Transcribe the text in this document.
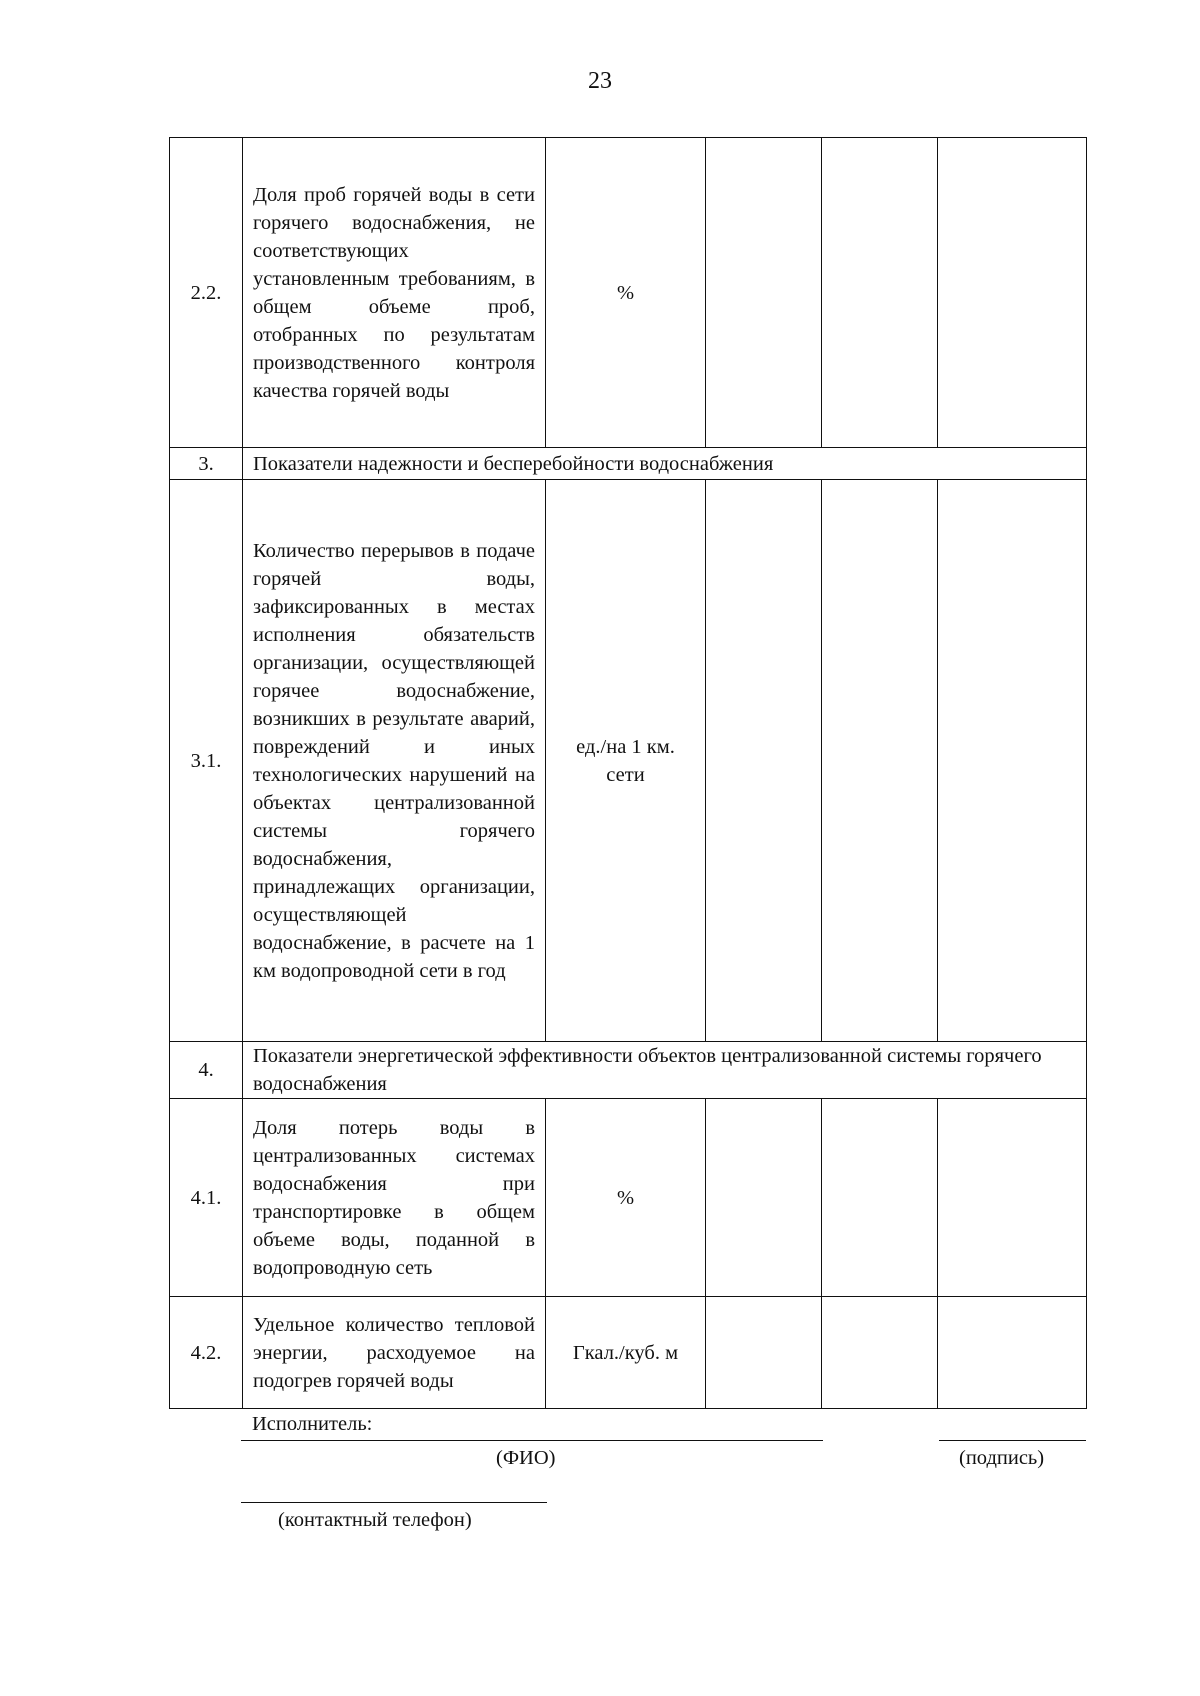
23
2.2.	Доля проб горячей воды в сети горячего водоснабжения, не соответствующих установленным требованиям, в общем объеме проб, отобранных по результатам производственного контроля качества горячей воды	%			
3.	Показатели надежности и бесперебойности водоснабжения				
3.1.	Количество перерывов в подаче горячей воды, зафиксированных в местах исполнения обязательств организации, осуществляющей горячее водоснабжение, возникших в результате аварий, повреждений и иных технологических нарушений на объектах централизованной системы горячего водоснабжения, принадлежащих организации, осуществляющей водоснабжение, в расчете на 1 км водопроводной сети в год	ед./на 1 км. сети			
4.	Показатели энергетической эффективности объектов централизованной системы горячего водоснабжения				
4.1.	Доля потерь воды в централизованных системах водоснабжения при транспортировке в общем объеме воды, поданной в водопроводную сеть	%			
4.2.	Удельное количество тепловой энергии, расходуемое на подогрев горячей воды	Гкал./куб. м			
Исполнитель:
(ФИО)	(подпись)
(контактный телефон)
